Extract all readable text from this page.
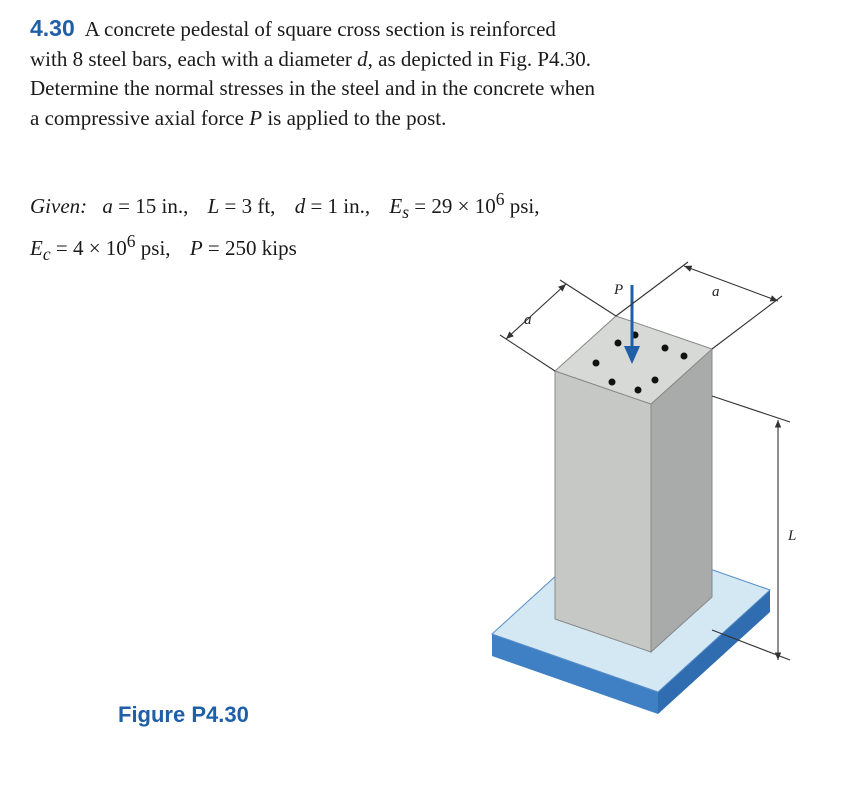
4.30 A concrete pedestal of square cross section is reinforced
with 8 steel bars, each with a diameter d, as depicted in Fig. P4.30.
Determine the normal stresses in the steel and in the concrete when
a compressive axial force P is applied to the post.
Given: a = 15 in., L = 3 ft, d = 1 in., $E_s = 29 \times 10^6$ psi,
$E_c = 4 \times 10^6$ psi, P = 250 kips
P
a
a
L
Figure P4.30
